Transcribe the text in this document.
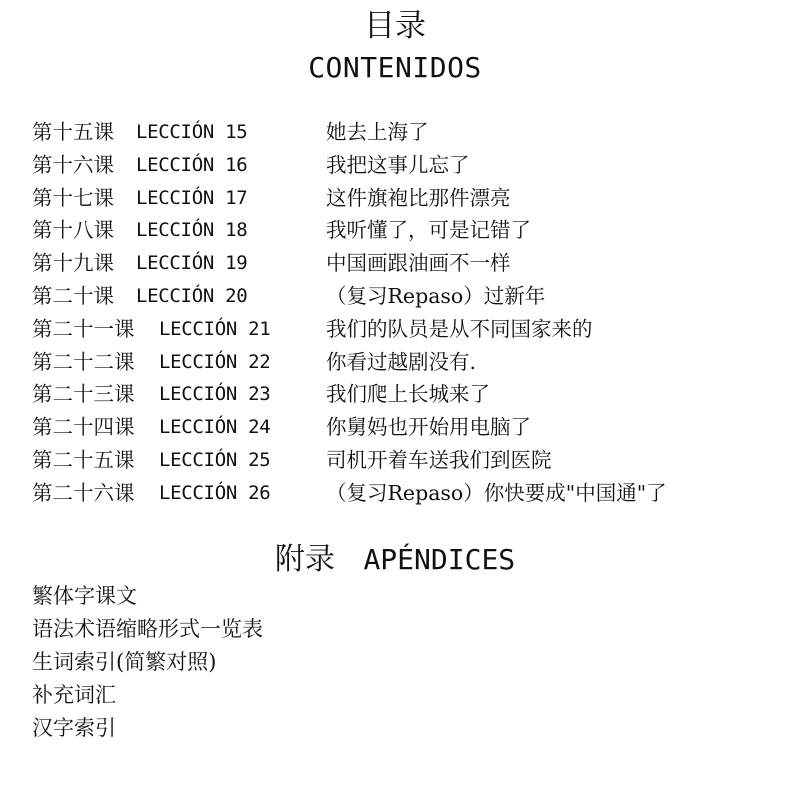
目录
CONTENIDOS
第十五课 LECCIÓN 15	她去上海了
第十六课 LECCIÓN 16	我把这事儿忘了
第十七课 LECCIÓN 17	这件旗袍比那件漂亮
第十八课 LECCIÓN 18	我听懂了，可是记错了
第十九课 LECCIÓN 19	中国画跟油画不一样
第二十课 LECCIÓN 20	（复习Repaso）过新年
第二十一课 LECCIÓN 21	我们的队员是从不同国家来的
第二十二课 LECCIÓN 22	你看过越剧没有.
第二十三课 LECCIÓN 23	我们爬上长城来了
第二十四课 LECCIÓN 24	你舅妈也开始用电脑了
第二十五课 LECCIÓN 25	司机开着车送我们到医院
第二十六课 LECCIÓN 26	（复习Repaso）你快要成"中国通"了
附录 APÉNDICES
繁体字课文
语法术语缩略形式一览表
生词索引(简繁对照)
补充词汇
汉字索引
